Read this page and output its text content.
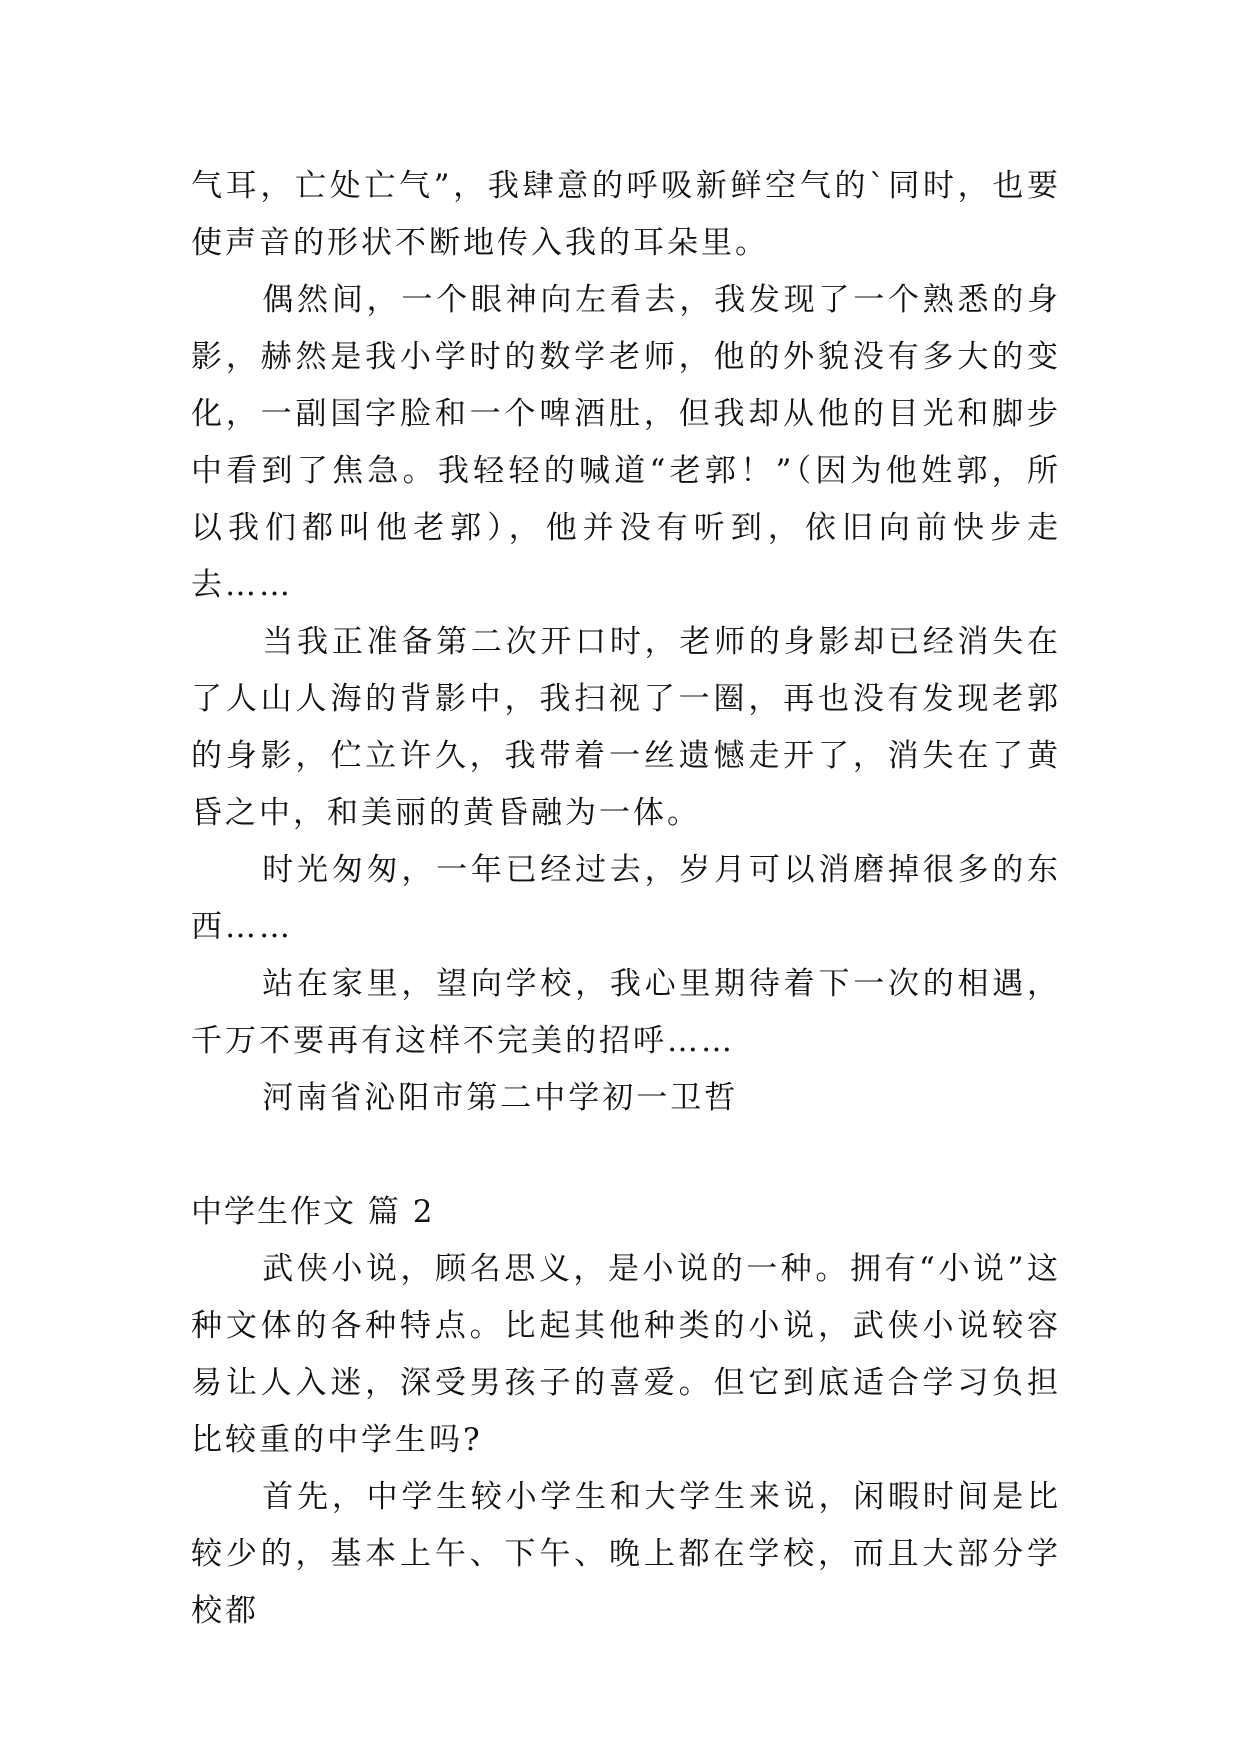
气耳，亡处亡气”，我肆意的呼吸新鲜空气的`同时，也要使声音的形状不断地传入我的耳朵里。

偶然间，一个眼神向左看去，我发现了一个熟悉的身影，赫然是我小学时的数学老师，他的外貌没有多大的变化，一副国字脸和一个啤酒肚，但我却从他的目光和脚步中看到了焦急。我轻轻的喊道“老郭！”（因为他姓郭，所以我们都叫他老郭），他并没有听到，依旧向前快步走去……

当我正准备第二次开口时，老师的身影却已经消失在了人山人海的背影中，我扫视了一圈，再也没有发现老郭的身影，伫立许久，我带着一丝遗憾走开了，消失在了黄昏之中，和美丽的黄昏融为一体。

时光匆匆，一年已经过去，岁月可以消磨掉很多的东西……

站在家里，望向学校，我心里期待着下一次的相遇，千万不要再有这样不完美的招呼……

河南省沁阳市第二中学初一卫哲

中学生作文 篇 2

武侠小说，顾名思义，是小说的一种。拥有“小说”这种文体的各种特点。比起其他种类的小说，武侠小说较容易让人入迷，深受男孩子的喜爱。但它到底适合学习负担比较重的中学生吗?

首先，中学生较小学生和大学生来说，闲暇时间是比较少的，基本上午、下午、晚上都在学校，而且大部分学校都
